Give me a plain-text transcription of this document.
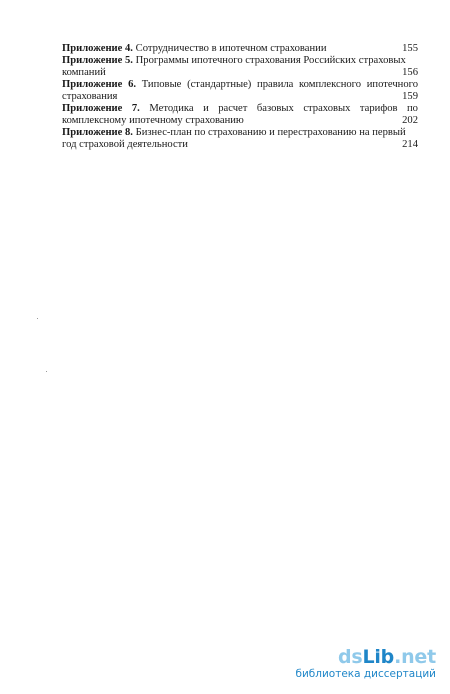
Приложение 4. Сотрудничество в ипотечном страховании	155
Приложение 5. Программы ипотечного страхования Российских страховых
компаний	156
Приложение 6. Типовые (стандартные) правила комплексного ипотечного
страхования	159
Приложение 7. Методика и расчет базовых страховых тарифов по
комплексному ипотечному страхованию	202
Приложение 8. Бизнес-план по страхованию и перестрахованию на первый
год страховой деятельности	214
dsLib.net
библиотека диссертаций
